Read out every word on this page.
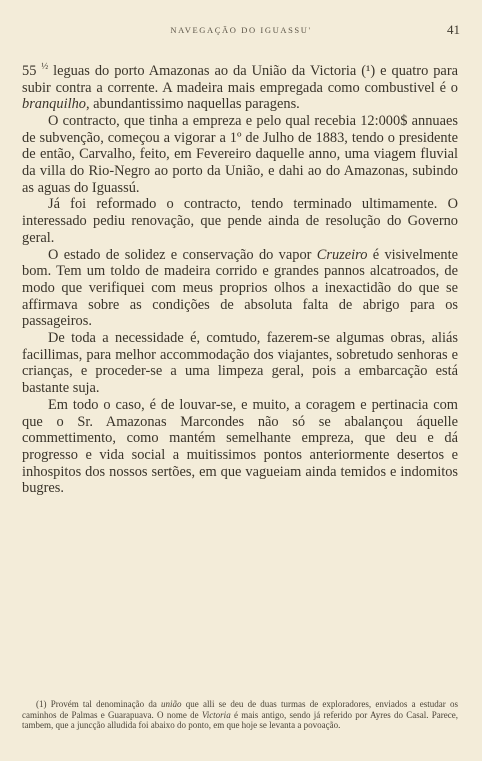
NAVEGAÇÃO DO IGUASSU'	41

55 $^{\frac{1}{2}}$ leguas do porto Amazonas ao da União da Victoria (¹) e quatro para subir contra a corrente. A madeira mais empregada como combustivel é o branquilho, abundantissimo naquellas paragens.

O contracto, que tinha a empreza e pelo qual recebia 12:000$ annuaes de subvenção, começou a vigorar a 1º de Julho de 1883, tendo o presidente de então, Carvalho, feito, em Fevereiro daquelle anno, uma viagem fluvial da villa do Rio-Negro ao porto da União, e dahi ao do Amazonas, subindo as aguas do Iguassú.

Já foi reformado o contracto, tendo terminado ultimamente. O interessado pediu renovação, que pende ainda de resolução do Governo geral.

O estado de solidez e conservação do vapor Cruzeiro é visivelmente bom. Tem um toldo de madeira corrido e grandes pannos alcatroados, de modo que verifiquei com meus proprios olhos a inexactidão do que se affirmava sobre as condições de absoluta falta de abrigo para os passageiros.

De toda a necessidade é, comtudo, fazerem-se algumas obras, aliás facillimas, para melhor accommodação dos viajantes, sobretudo senhoras e crianças, e proceder-se a uma limpeza geral, pois a embarcação está bastante suja.

Em todo o caso, é de louvar-se, e muito, a coragem e pertinacia com que o Sr. Amazonas Marcondes não só se abalançou áquelle commettimento, como mantém semelhante empreza, que deu e dá progresso e vida social a muitissimos pontos anteriormente desertos e inhospitos dos nossos sertões, em que vagueiam ainda temidos e indomitos bugres.

(1) Provém tal denominação da união que alli se deu de duas turmas de exploradores, enviados a estudar os caminhos de Palmas e Guarapuava. O nome de Victoria é mais antigo, sendo já referido por Ayres do Casal. Parece, tambem, que a juncção alludida foi abaixo do ponto, em que hoje se levanta a povoação.
